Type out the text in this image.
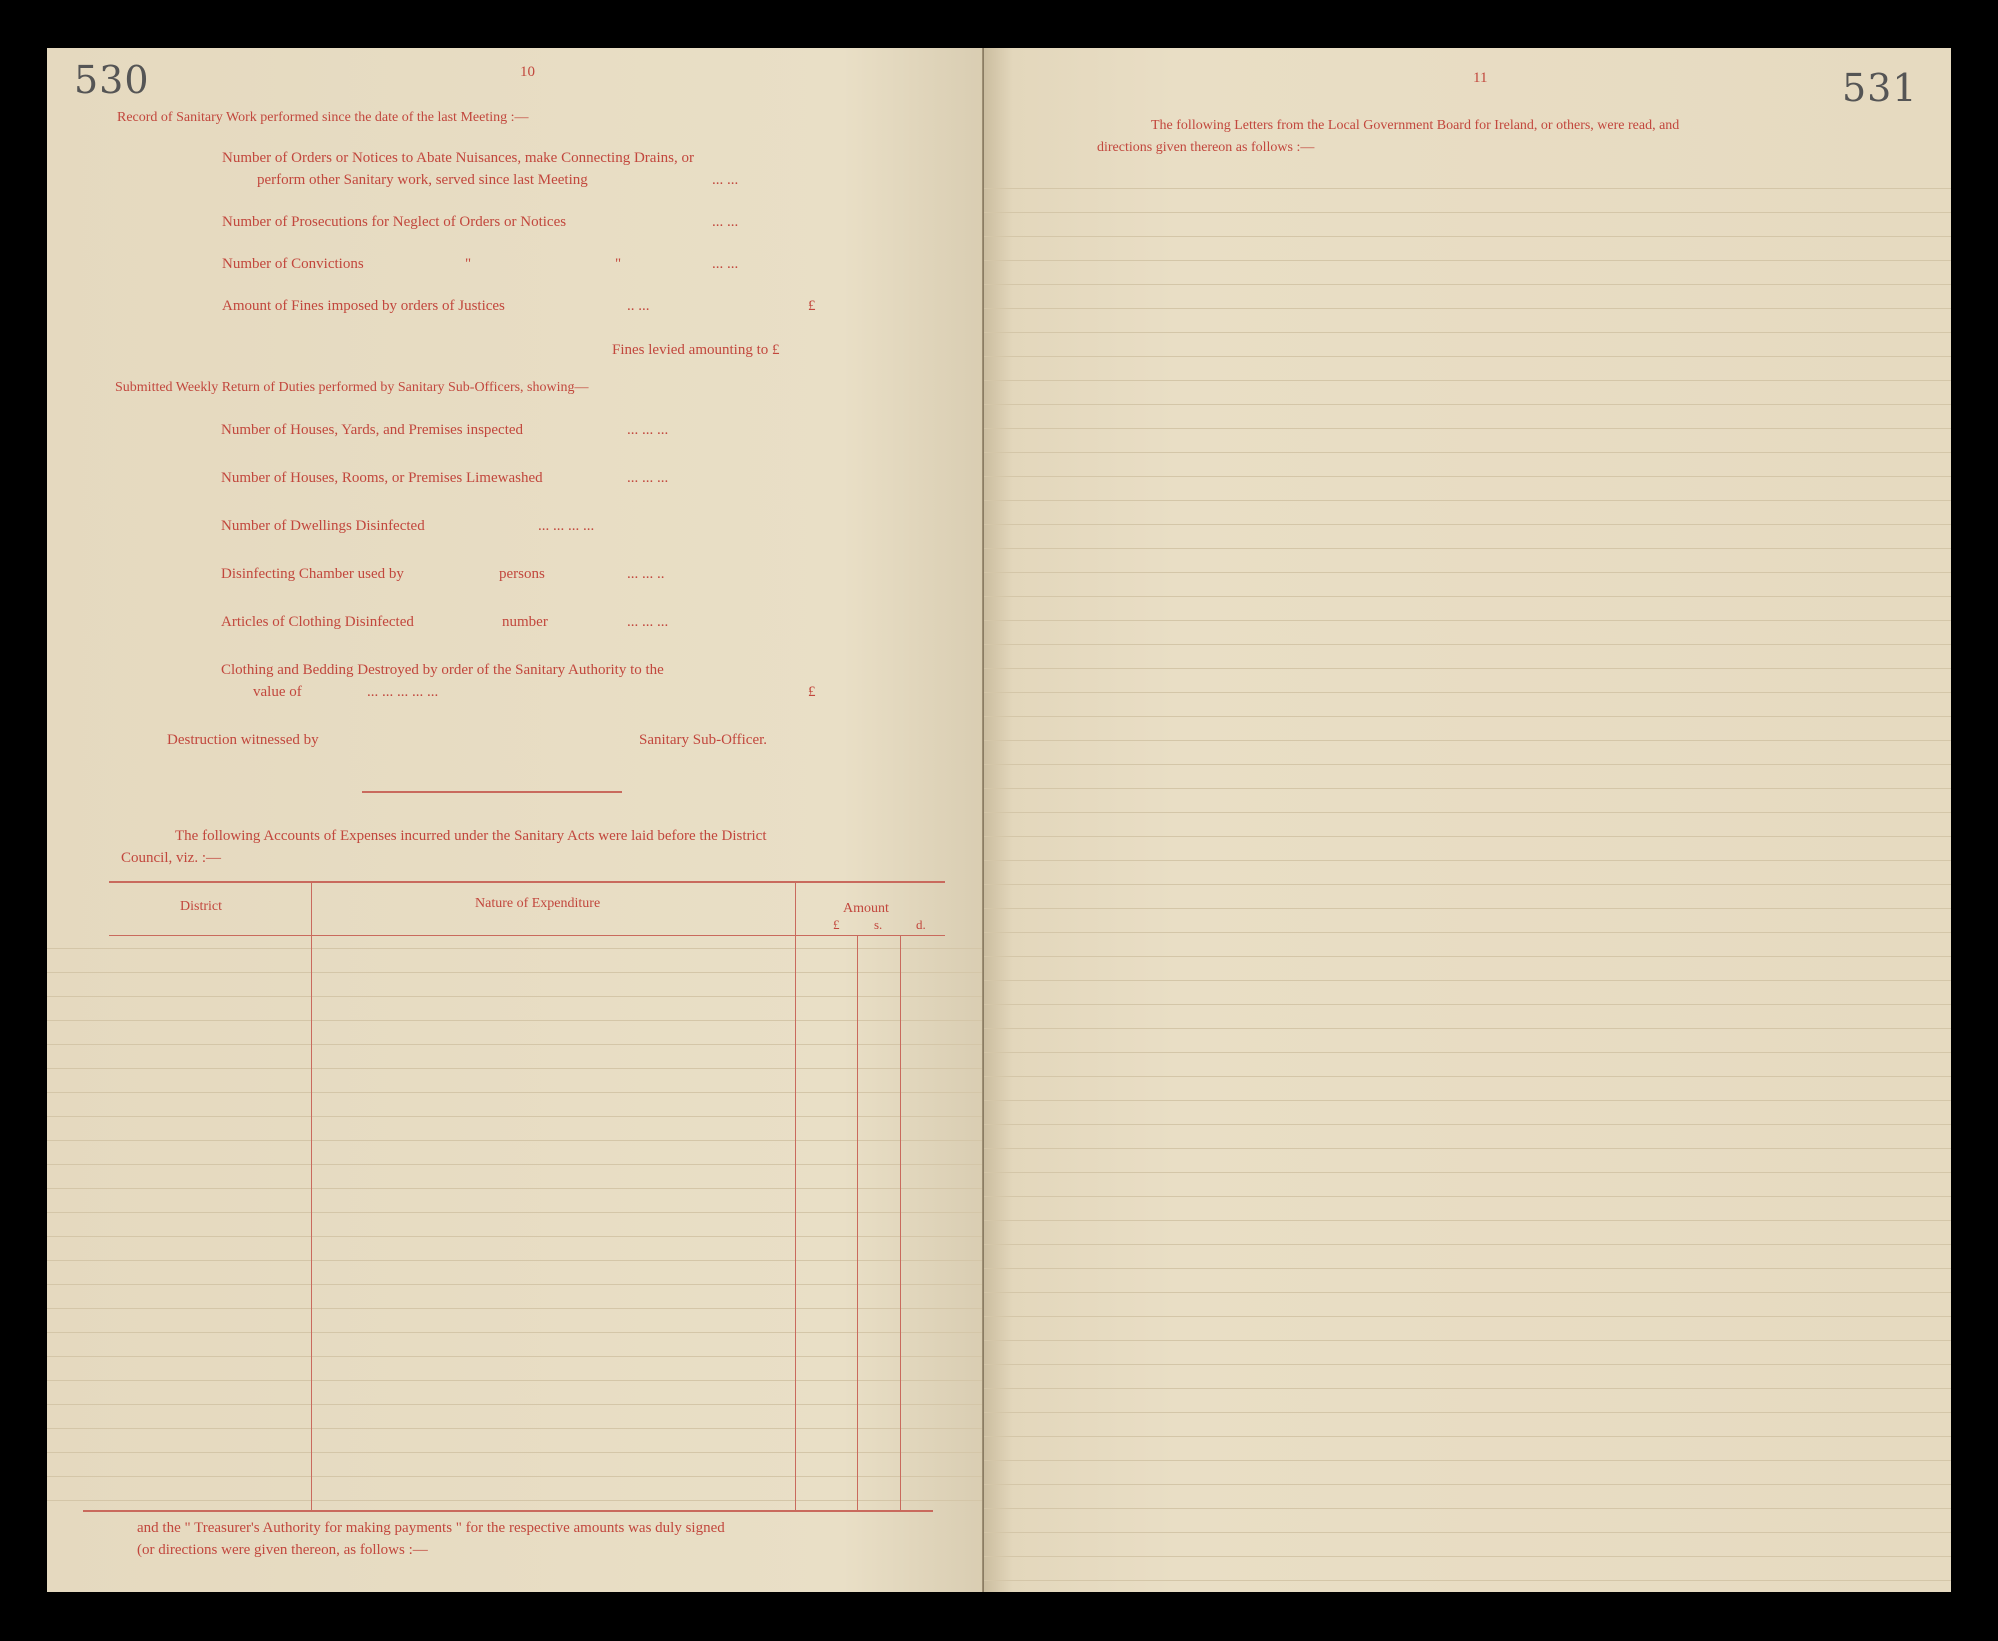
530	10
Record of Sanitary Work performed since the date of the last Meeting :—
Number of Orders or Notices to Abate Nuisances, make Connecting Drains, or
perform other Sanitary work, served since last Meeting	... ...
Number of Prosecutions for Neglect of Orders or Notices	... ...
Number of Convictions	"	"	... ...
Amount of Fines imposed by orders of Justices	.. ...	£
Fines levied amounting to £
Submitted Weekly Return of Duties performed by Sanitary Sub-Officers, showing—
Number of Houses, Yards, and Premises inspected	... ... ...
Number of Houses, Rooms, or Premises Limewashed	... ... ...
Number of Dwellings Disinfected	... ... ... ...
Disinfecting Chamber used by	persons	... ... ..
Articles of Clothing Disinfected	number	... ... ...
Clothing and Bedding Destroyed by order of the Sanitary Authority to the
value of	... ... ... ... ...	£
Destruction witnessed by	Sanitary Sub-Officer.
The following Accounts of Expenses incurred under the Sanitary Acts were laid before the District
Council, viz. :—
District	Nature of Expenditure	Amount
£	s.	d.
and the " Treasurer's Authority for making payments " for the respective amounts was duly signed
(or directions were given thereon, as follows :—
11	531
The following Letters from the Local Government Board for Ireland, or others, were read, and
directions given thereon as follows :—
